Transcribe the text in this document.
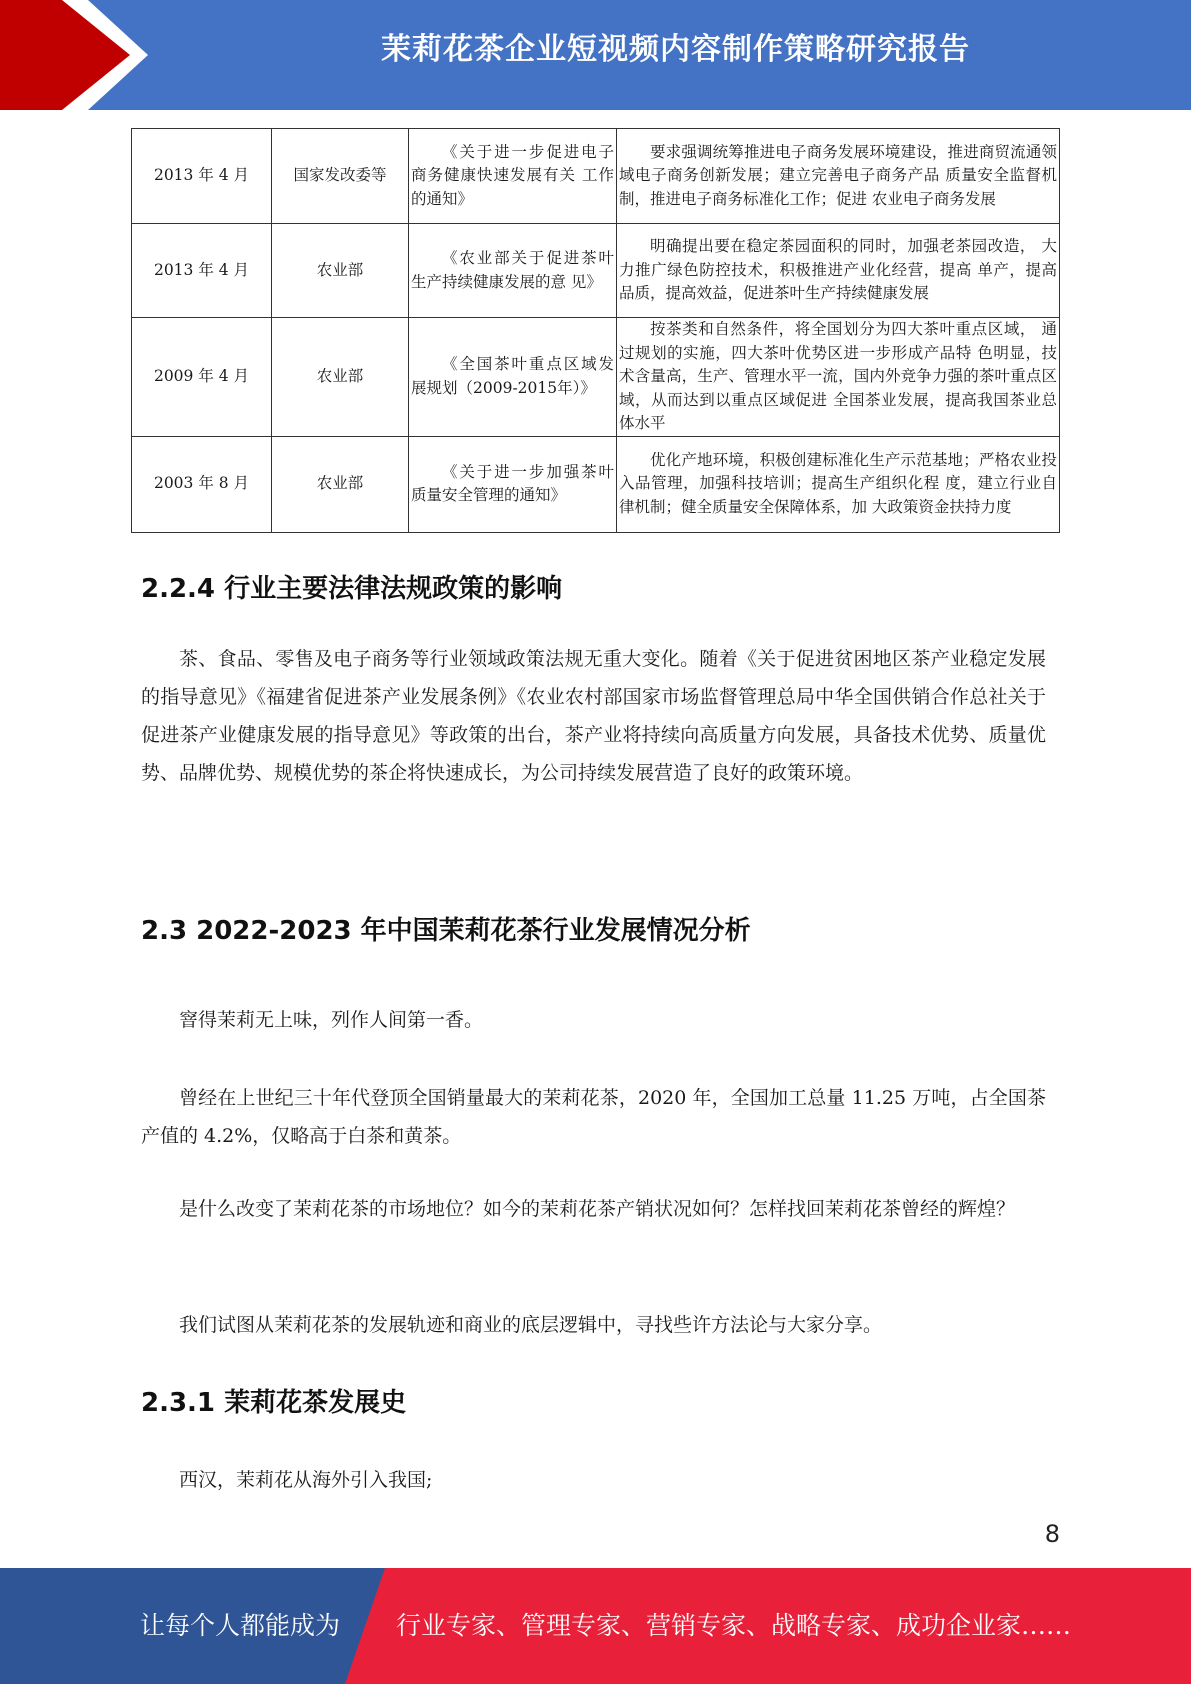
茉莉花茶企业短视频内容制作策略研究报告
2013 年 4 月	国家发改委等	《关于进一步促进电子 商务健康快速发展有关 工作的通知》	要求强调统筹推进电子商务发展环境建设，推进商贸流通领域电子商务创新发展；建立完善电子商务产品 质量安全监督机制，推进电子商务标准化工作；促进 农业电子商务发展
2013 年 4 月	农业部	《农业部关于促进茶叶 生产持续健康发展的意 见》	明确提出要在稳定茶园面积的同时，加强老茶园改造， 大力推广绿色防控技术，积极推进产业化经营，提高 单产，提高品质，提高效益，促进茶叶生产持续健康发展
2009 年 4 月	农业部	《全国茶叶重点区域发 展规划（2009-2015年）》	按茶类和自然条件，将全国划分为四大茶叶重点区域， 通过规划的实施，四大茶叶优势区进一步形成产品特 色明显，技术含量高，生产、管理水平一流，国内外竞争力强的茶叶重点区域，从而达到以重点区域促进 全国茶业发展，提高我国茶业总体水平
2003 年 8 月	农业部	《关于进一步加强茶叶 质量安全管理的通知》	优化产地环境，积极创建标准化生产示范基地；严格农业投入品管理，加强科技培训；提高生产组织化程 度，建立行业自律机制；健全质量安全保障体系，加 大政策资金扶持力度
2.2.4 行业主要法律法规政策的影响

茶、食品、零售及电子商务等行业领域政策法规无重大变化。随着《关于促进贫困地区茶产业稳定发展的指导意见》《福建省促进茶产业发展条例》《农业农村部国家市场监督管理总局中华全国供销合作总社关于促进茶产业健康发展的指导意见》等政策的出台，茶产业将持续向高质量方向发展，具备技术优势、质量优势、品牌优势、规模优势的茶企将快速成长，为公司持续发展营造了良好的政策环境。

2.3 2022-2023 年中国茉莉花茶行业发展情况分析

窨得茉莉无上味，列作人间第一香。

曾经在上世纪三十年代登顶全国销量最大的茉莉花茶，2020 年，全国加工总量 11.25 万吨，占全国茶产值的 4.2%，仅略高于白茶和黄茶。

是什么改变了茉莉花茶的市场地位？如今的茉莉花茶产销状况如何？怎样找回茉莉花茶曾经的辉煌？

我们试图从茉莉花茶的发展轨迹和商业的底层逻辑中，寻找些许方法论与大家分享。

2.3.1 茉莉花茶发展史

西汉，茉莉花从海外引入我国;

8
让每个人都能成为 行业专家、管理专家、营销专家、战略专家、成功企业家……
